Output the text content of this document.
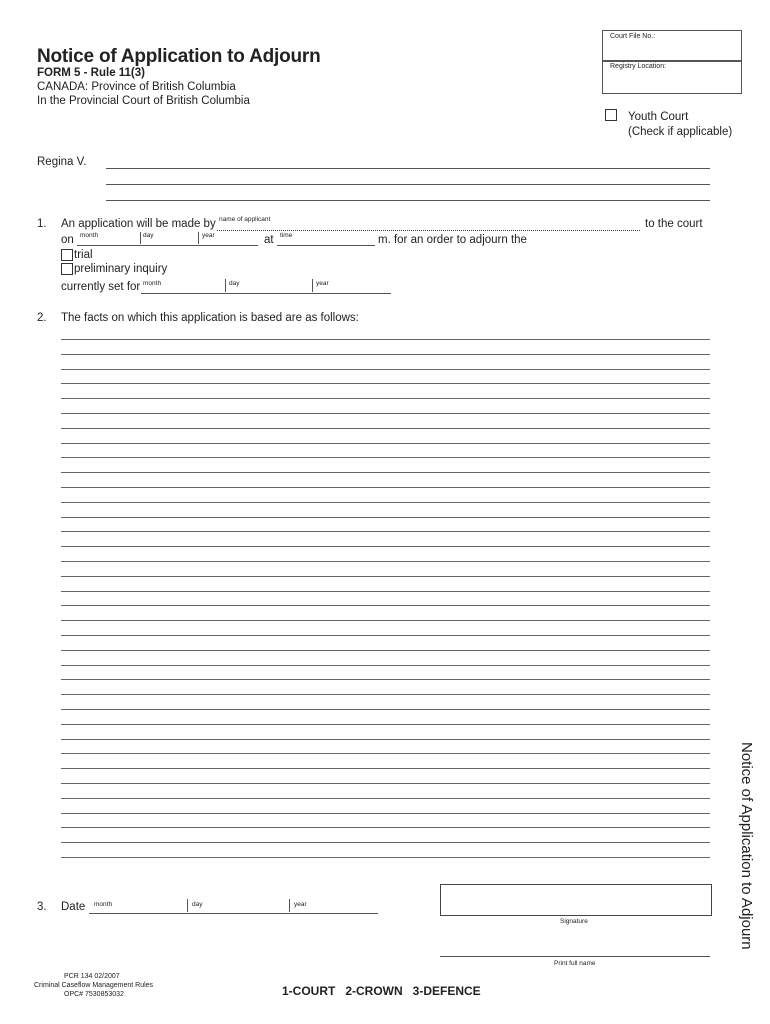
Notice of Application to Adjourn
FORM 5 - Rule 11(3)
CANADA: Province of British Columbia
In the Provincial Court of British Columbia
Court File No.:
Registry Location:
Youth Court
(Check if applicable)
Regina V.
1. An application will be made by name of applicant	to the court
on month	day	year	at time	m. for an order to adjourn the
trial
preliminary inquiry
currently set for month	day	year
2. The facts on which this application is based are as follows:
3. Date month	day	year
Signature
Print full name
PCR 134 02/2007
Criminal Caseflow Management Rules
OPC# 7530853032	1-COURT   2-CROWN   3-DEFENCE
Notice of Application to Adjourn
